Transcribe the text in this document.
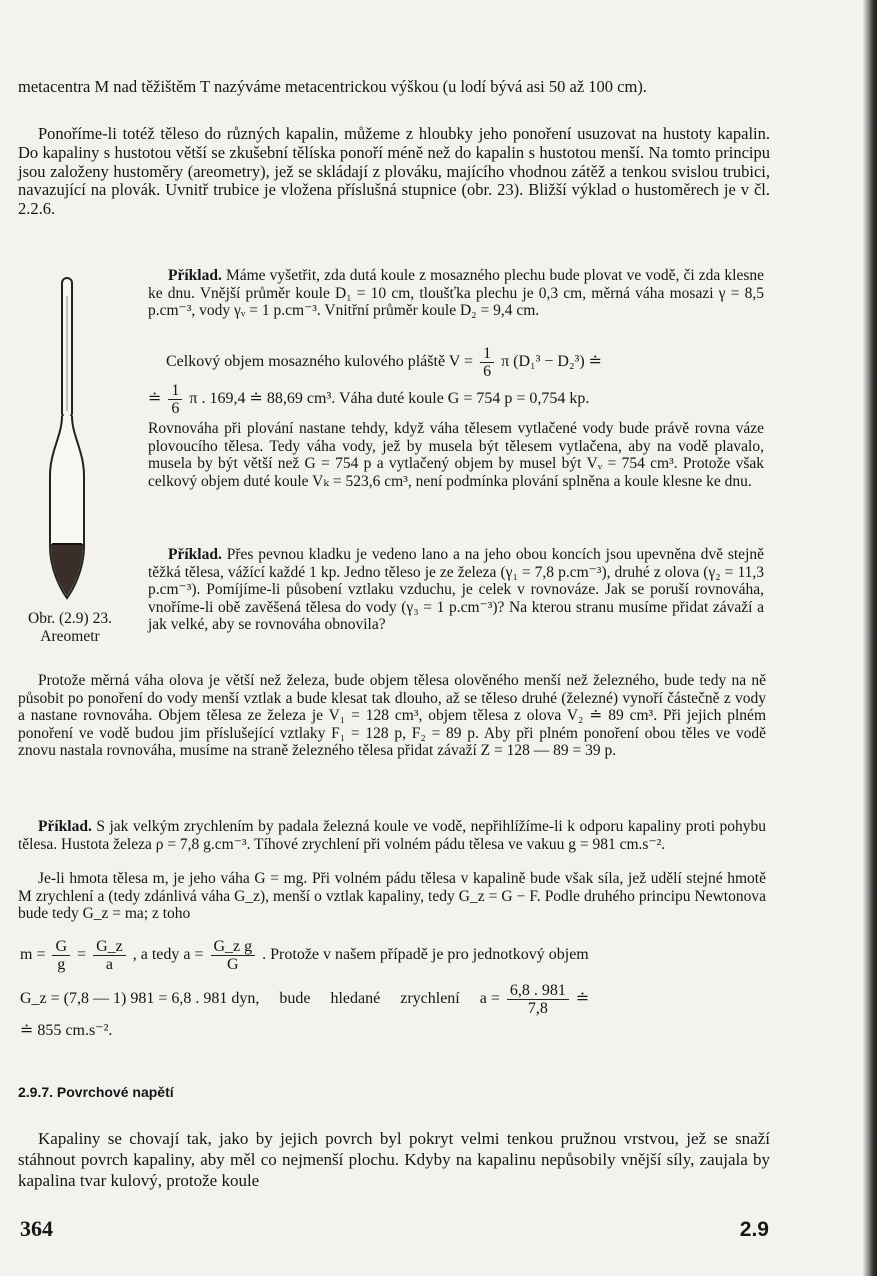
metacentra M nad těžištěm T nazýváme metacentrickou výškou (u lodí bývá asi 50 až 100 cm).

Ponoříme-li totéž těleso do různých kapalin, můžeme z hloubky jeho ponoření usuzovat na hustoty kapalin. Do kapaliny s hustotou větší se zkušební tělíska ponoří méně než do kapalin s hustotou menší. Na tomto principu jsou založeny hustoměry (areometry), jež se skládají z plováku, majícího vhodnou zátěž a tenkou svislou trubici, navazující na plovák. Uvnitř trubice je vložena příslušná stupnice (obr. 23). Bližší výklad o hustoměrech je v čl. 2.2.6.

Obr. (2.9) 23.
Areometr

Příklad. Máme vyšetřit, zda dutá koule z mosazného plechu bude plovat ve vodě, či zda klesne ke dnu. Vnější průměr koule D₁ = 10 cm, tloušťka plechu je 0,3 cm, měrná váha mosazi γ = 8,5 p.cm⁻³, vody γᵥ = 1 p.cm⁻³. Vnitřní průměr koule D₂ = 9,4 cm.

Celkový objem mosazného kulového pláště $V = \frac{1}{6}$ π (D₁³ − D₂³) ≐

≐ $\frac{1}{6}$ π . 169,4 ≐ 88,69 cm³. Váha duté koule G = 754 p = 0,754 kp.

Rovnováha při plování nastane tehdy, když váha tělesem vytlačené vody bude právě rovna váze plovoucího tělesa. Tedy váha vody, jež by musela být tělesem vytlačena, aby na vodě plavalo, musela by být větší než G = 754 p a vytlačený objem by musel být Vᵥ = 754 cm³. Protože však celkový objem duté koule Vₖ = 523,6 cm³, není podmínka plování splněna a koule klesne ke dnu.

Příklad. Přes pevnou kladku je vedeno lano a na jeho obou koncích jsou upevněna dvě stejně těžká tělesa, vážící každé 1 kp. Jedno těleso je ze železa (γ₁ = 7,8 p.cm⁻³), druhé z olova (γ₂ = 11,3 p.cm⁻³). Pomíjíme-li působení vztlaku vzduchu, je celek v rovnováze. Jak se poruší rovnováha, vnoříme-li obě zavěšená tělesa do vody (γ₃ = 1 p.cm⁻³)? Na kterou stranu musíme přidat závaží a jak velké, aby se rovnováha obnovila?

Protože měrná váha olova je větší než železa, bude objem tělesa olověného menší než železného, bude tedy na ně působit po ponoření do vody menší vztlak a bude klesat tak dlouho, až se těleso druhé (železné) vynoří částečně z vody a nastane rovnováha. Objem tělesa ze železa je V₁ = 128 cm³, objem tělesa z olova V₂ ≐ 89 cm³. Při jejich plném ponoření ve vodě budou jim příslušející vztlaky F₁ = 128 p, F₂ = 89 p. Aby při plném ponoření obou těles ve vodě znovu nastala rovnováha, musíme na straně železného tělesa přidat závaží Z = 128 — 89 = 39 p.

Příklad. S jak velkým zrychlením by padala železná koule ve vodě, nepřihlížíme-li k odporu kapaliny proti pohybu tělesa. Hustota železa ρ = 7,8 g.cm⁻³. Tíhové zrychlení při volném pádu tělesa ve vakuu g = 981 cm.s⁻².

Je-li hmota tělesa m, je jeho váha G = mg. Při volném pádu tělesa v kapalině bude však síla, jež udělí stejné hmotě M zrychlení a (tedy zdánlivá váha G_z), menší o vztlak kapaliny, tedy G_z = G − F. Podle druhého principu Newtonova bude tedy G_z = ma; z toho

$m = \frac{G}{g} = \frac{G\_z}{a}$ , a tedy $a = \frac{\text{G\_z g}}{G}$ . Protože v našem případě je pro jednotkový objem

G_z = (7,8 — 1) 981 = 6,8 . 981 dyn,     bude     hledané     zrychlení     $a = \frac{6,8 . 981}{7,8}$ ≐

≐ 855 cm.s⁻².

2.9.7. Povrchové napětí

Kapaliny se chovají tak, jako by jejich povrch byl pokryt velmi tenkou pružnou vrstvou, jež se snaží stáhnout povrch kapaliny, aby měl co nejmenší plochu. Kdyby na kapalinu nepůsobily vnější síly, zaujala by kapalina tvar kulový, protože koule

364	2.9
